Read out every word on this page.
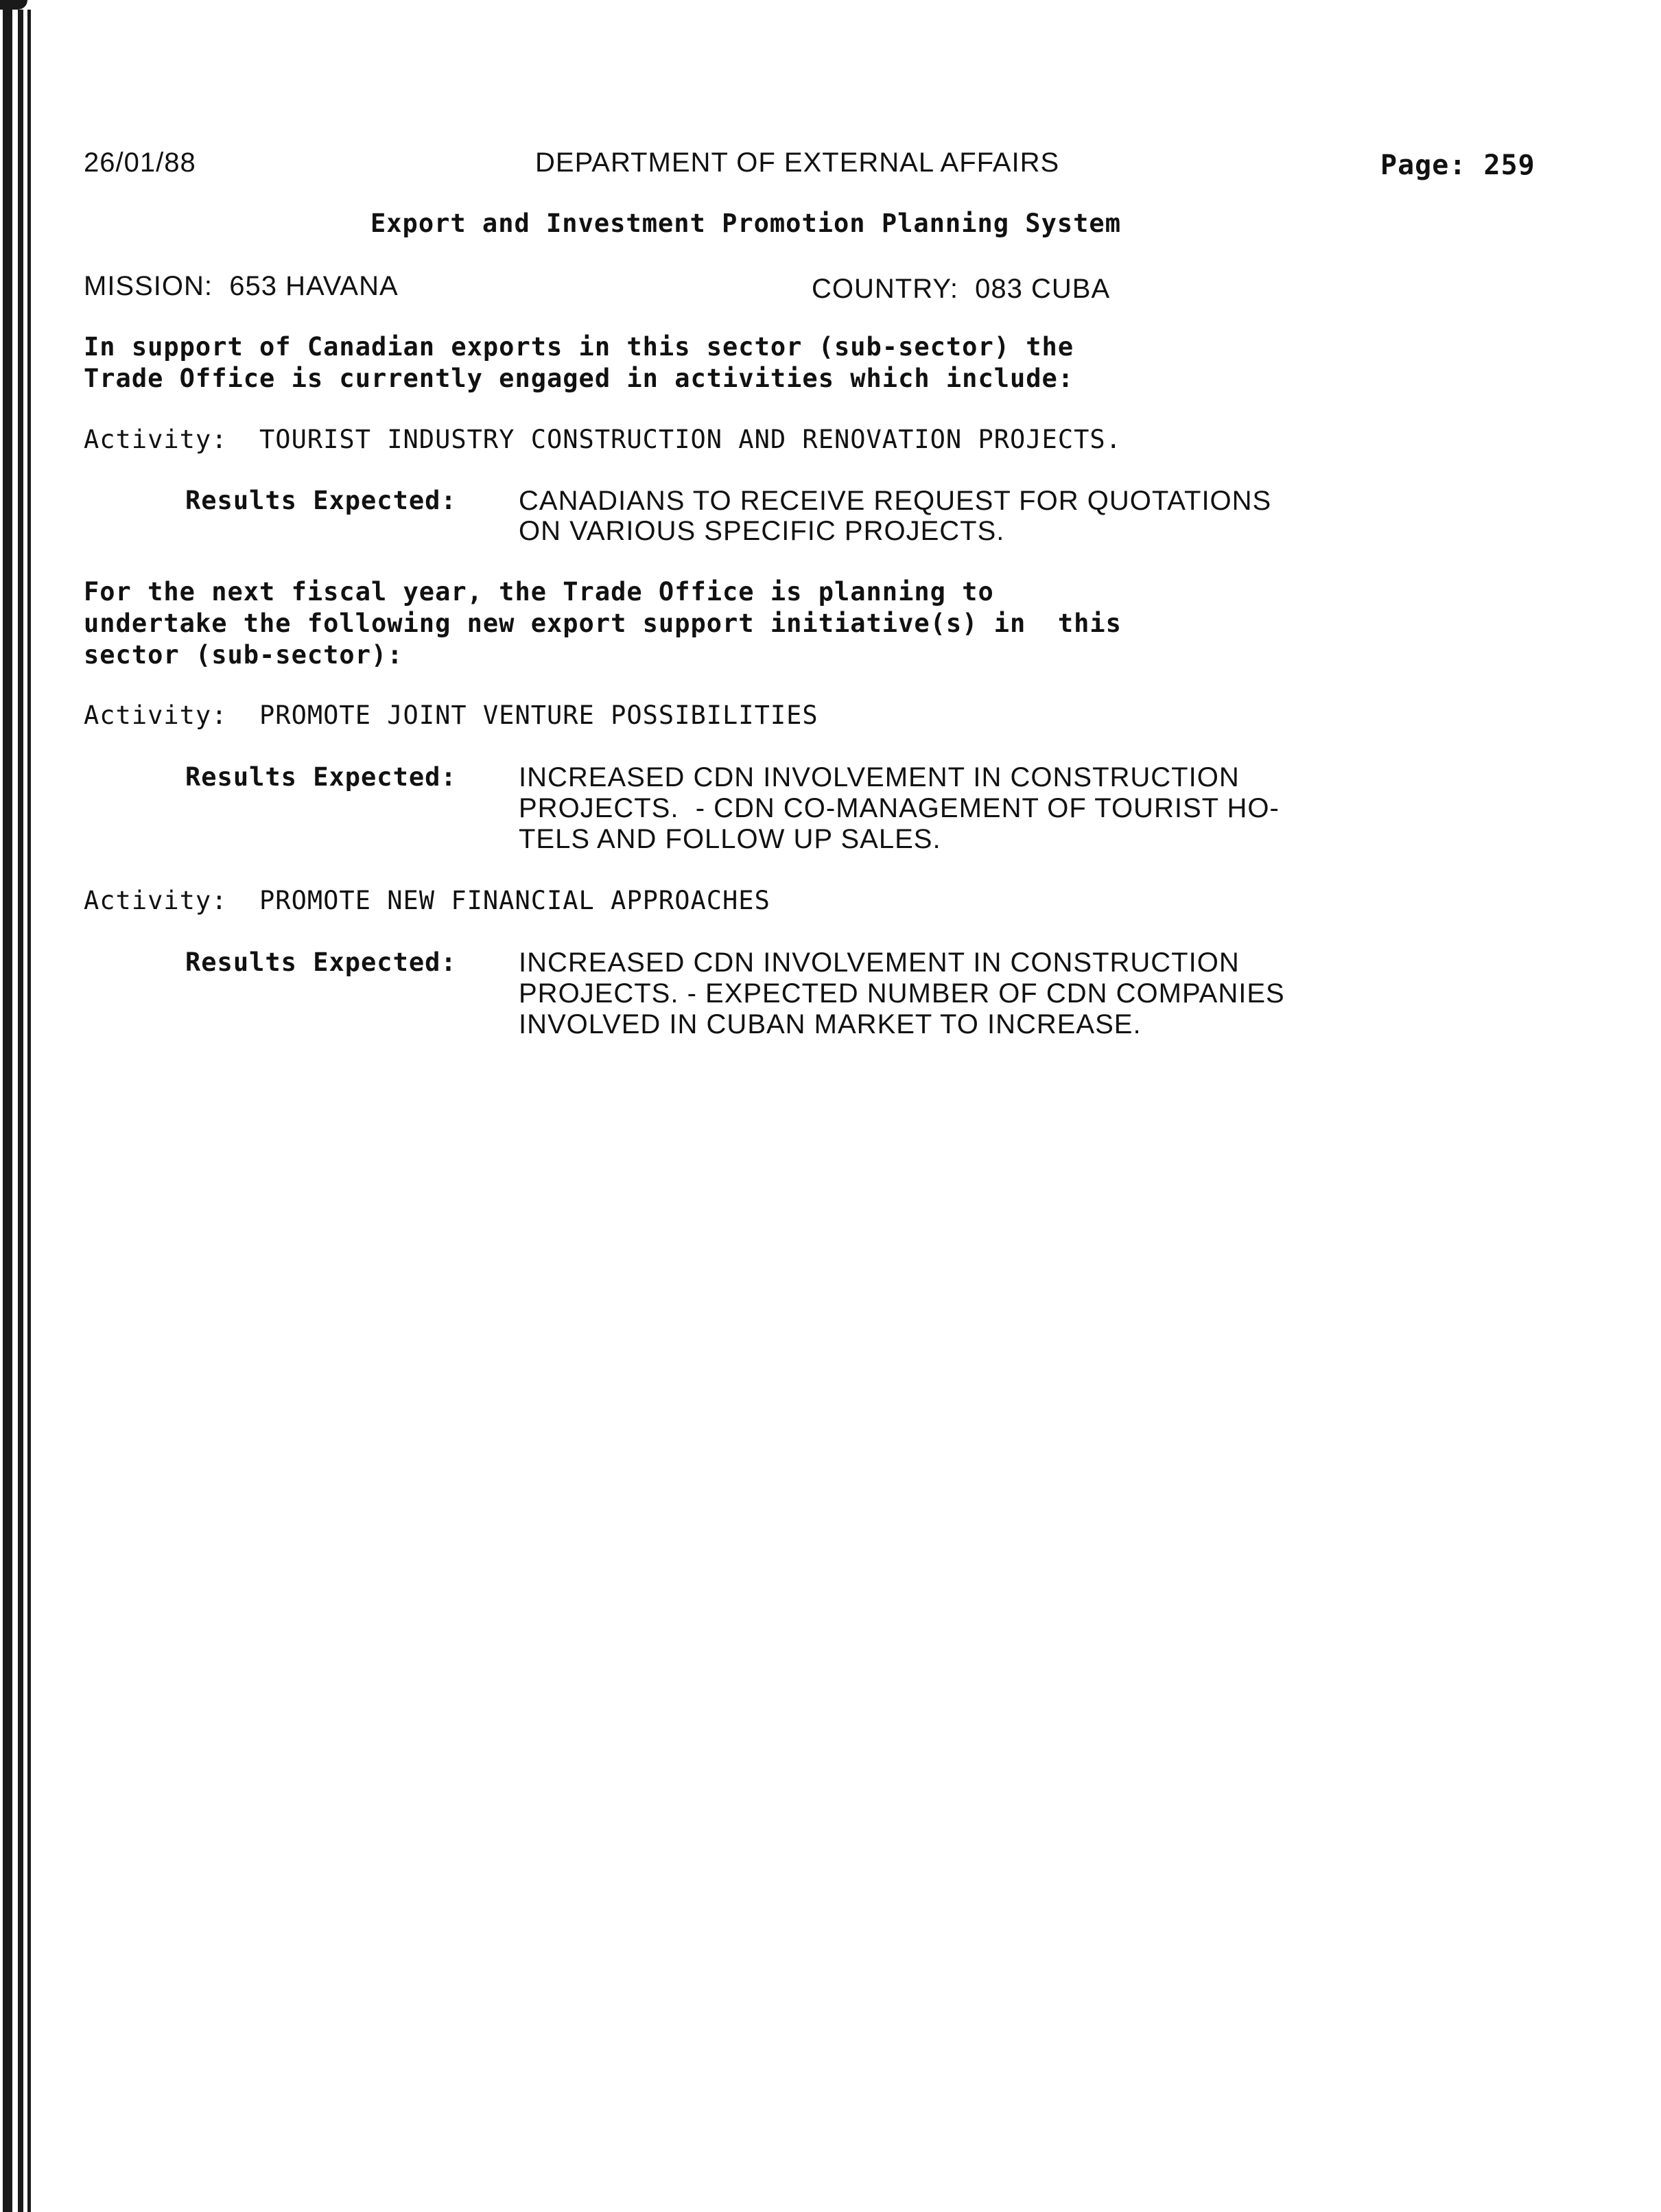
26/01/88	DEPARTMENT OF EXTERNAL AFFAIRS	Page: 259
Export and Investment Promotion Planning System
MISSION:  653 HAVANA	COUNTRY:  083 CUBA
In support of Canadian exports in this sector (sub-sector) the
Trade Office is currently engaged in activities which include:
Activity:  TOURIST INDUSTRY CONSTRUCTION AND RENOVATION PROJECTS.
Results Expected: CANADIANS TO RECEIVE REQUEST FOR QUOTATIONS
ON VARIOUS SPECIFIC PROJECTS.
For the next fiscal year, the Trade Office is planning to
undertake the following new export support initiative(s) in  this
sector (sub-sector):
Activity:  PROMOTE JOINT VENTURE POSSIBILITIES
Results Expected: INCREASED CDN INVOLVEMENT IN CONSTRUCTION
PROJECTS.  - CDN CO-MANAGEMENT OF TOURIST HO-
TELS AND FOLLOW UP SALES.
Activity:  PROMOTE NEW FINANCIAL APPROACHES
Results Expected: INCREASED CDN INVOLVEMENT IN CONSTRUCTION
PROJECTS. - EXPECTED NUMBER OF CDN COMPANIES
INVOLVED IN CUBAN MARKET TO INCREASE.
